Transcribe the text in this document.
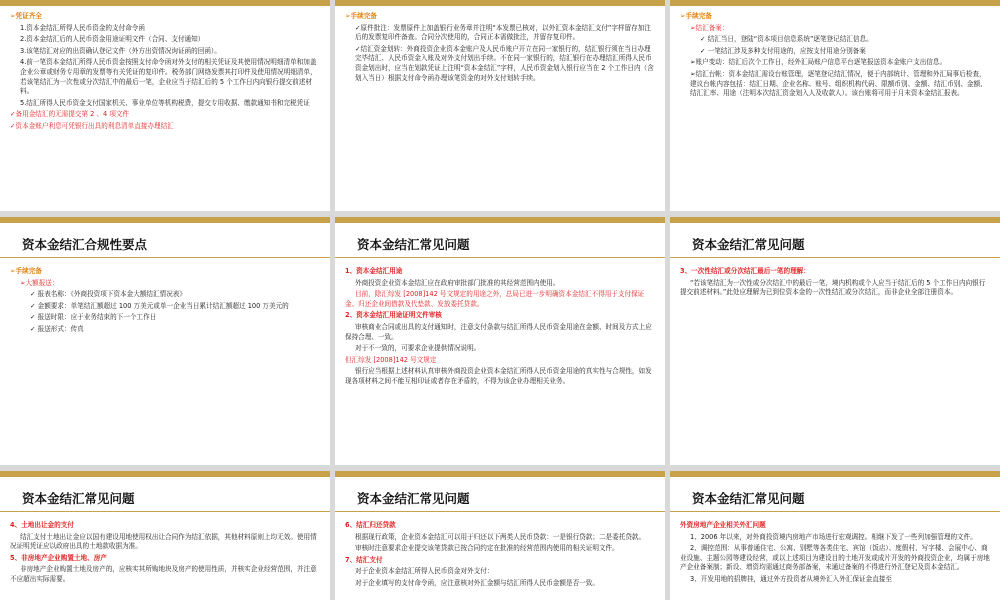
➢凭证齐全

1.资本金结汇所得人民币资金的支付命令函

2.资本金结汇后的人民币资金用途证明文件（合同、支付通知）

3.该笔结汇对应的出资确认登记文件（外方出资情况询证函的回函）。

4.前一笔资本金结汇所得人民币资金按照支付命令函对外支付的相关凭证及其使用情况明细清单和加盖企业公章或财务专用章的发票等有关凭证的复印件。税务部门网络发票其打印件及使用情况明细清单，若该笔结汇为一次性或分次结汇中的最后一笔，企业应当于结汇后的 5 个工作日内向银行提交前述材料。

5.结汇所得人民币资金支付国家机关、事业单位等机构税费，提交专用收据、缴款通知书和完税凭证

✓备用金结汇的无需提交第 2 、4 项文件

✓资本金账户利息可凭银行出具的利息清单直接办理结汇

➢手续完备

✓原件批注：发票原件上加盖银行业务章并注明“本发票已核对，以外汇资本金结汇支付”字样留存加注后的发票复印件备查。合同分次使用的，合同正本需做批注，并留存复印件。

✓结汇资金划转：外商投资企业资本金账户及人民币账户开立在同一家银行的，结汇银行须在当日办理完毕结汇、人民币资金入账及对外支付划出手续。不在同一家银行的，结汇银行在办理结汇所得人民币资金划出时，应当在划款凭证上注明“资本金结汇”字样，人民币资金划入银行应当在 2 个工作日内（含划入当日）根据支付命令函办理该笔资金的对外支付划转手续。

➢手续完备

➢结汇备案：

✓ 结汇当日，登陆“资本项目信息系统”逐笔登记结汇信息。

✓ 一笔结汇涉及多种支付用途的，应按支付用途分别备案

➢账户变动：结汇后次个工作日，经外汇局账户信息平台逐笔报送资本金账户支出信息。

➢结汇台帐：资本金结汇需设台账管理，逐笔登记结汇情况，便于内部统计、管理和外汇局事后检查，建议台帐内容包括：结汇日期、企业名称、账号、组织机构代码、限额币别、金额、结汇币别、金额、结汇汇率、用途（注明本次结汇资金划入人及收款人）。该台账将可用于月末资本金结汇报表。

资本金结汇合规性要点

➢手续完备

➢大额报送：

✓ 报表名称：《外商投资项下资本金大额结汇情况表》

✓ 金额要求：单笔结汇额超过 100 万美元或单一企业当日累计结汇额超过 100 万美元的

✓ 报送时限：应于业务结束的下一个工作日

✓ 报送形式：传真

资本金结汇常见问题

1、资本金结汇用途

外商投资企业资本金结汇应在政府审批部门批准的其经营范围内使用。

目前，除汇综发 [2008]142 号文规定的用途之外，总局已进一步明确资本金结汇不得用于支付保证金、归还企业间借款及代垫款、发放委托贷款。

2、资本金结汇用途证明文件审核

审核商业合同或出具的支付通知时，注意支付条款与结汇所得人民币资金用途在金额、时间及方式上应保持合理、一致。

对于不一致的，可要求企业提供情况说明。

但汇综发 [2008]142 号文规定

银行应当根据上述材料认真审核外商投资企业资本金结汇所得人民币资金用途的真实性与合规性，如发现各项材料之间不能互相印证或者存在矛盾的，不得为该企业办理相关业务。

资本金结汇常见问题

3、一次性结汇或分次结汇最后一笔的理解：

“若该笔结汇为一次性或分次结汇中的最后一笔，境内机构或个人应当于结汇后的 5 个工作日内向银行提交前述材料。”此处应理解为已到位资本金的一次性结汇或分次结汇，而非企业全部注册资本。

资本金结汇常见问题

4、土地出让金的支付

结汇支付土地出让金应以国有建设用地使用权出让合同作为结汇依据，其他材料原则上均无效。使用情况证明凭证应以政府出具的土地款收据为准。

5、非房地产企业购置土地、房产

非房地产企业购置土地及房产的，应核实其所购地块及房产的使用性质，并核实企业经营范围，并注意不应超出实际需要。

资本金结汇常见问题

6、结汇归还贷款

根据现行政策，企业资本金结汇可以用于归还以下两类人民币贷款：一是银行贷款；二是委托贷款。

审核时注意要求企业提交该笔贷款已按合同约定在批准的经营范围内使用的相关证明文件。

7、结汇支付

对于企业资本金结汇所得人民币资金对外支付：

对于企业填写的支付命令函，应注意核对外汇金额与结汇所得人民币金额是否一致。

资本金结汇常见问题

外资房地产企业相关外汇问题

1、2006 年以来，对外商投资境内房地产市场进行宏观调控。相继下发了一些列加强管理的文件。

2、调控范围：从事普通住宅、公寓、别墅等各类住宅、宾馆（饭店）、度假村、写字楼、会展中心、商业设施、主题公园等建设经营，或以上述项目为建设目的土地开发或成片开发的外商投资企业，均属于房地产企业备案制；新设、增资均需通过商务部备案，未通过备案的不得进行外汇登记及资本金结汇。

3、开发用地的招牌挂，通过外方投资者从境外汇入外汇保证金直接至
